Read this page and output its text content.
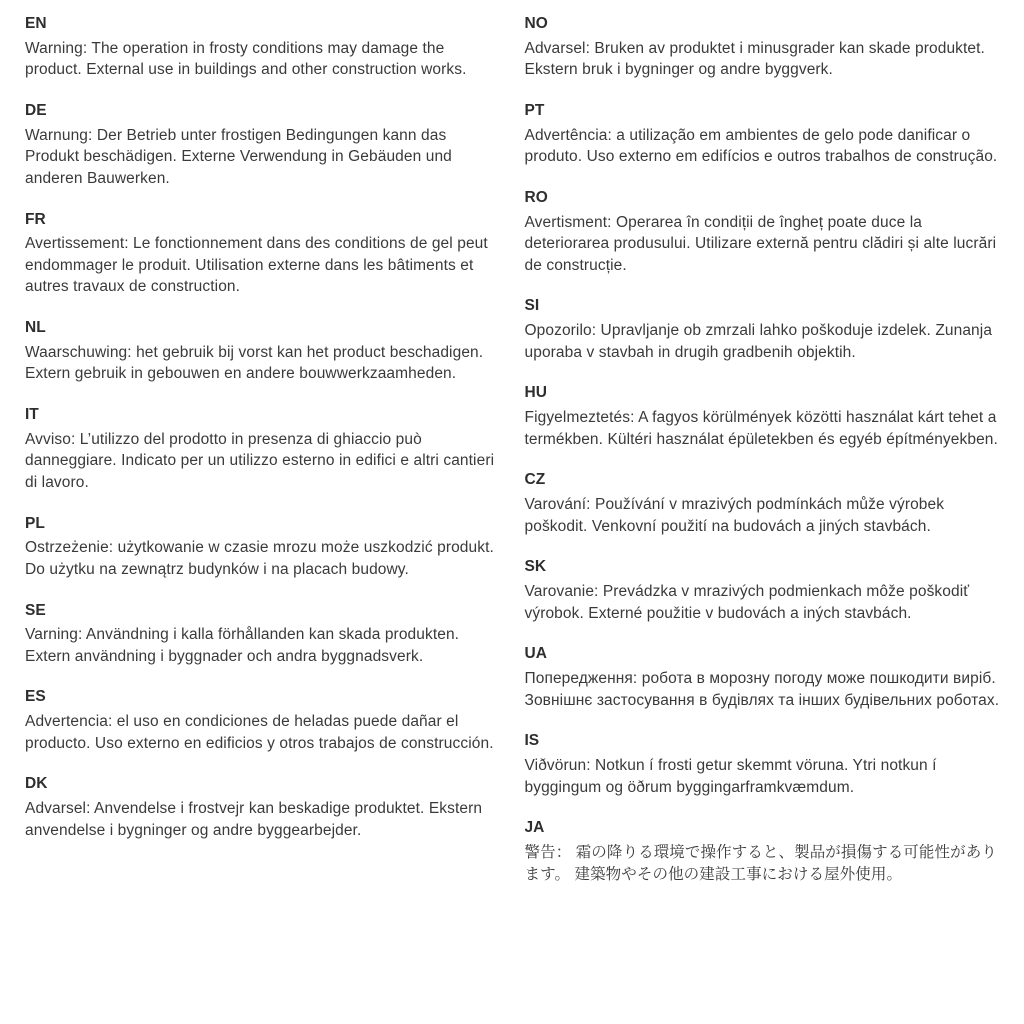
EN

Warning: The operation in frosty conditions may damage the product. External use in buildings and other construction works.

DE

Warnung: Der Betrieb unter frostigen Bedingungen kann das Produkt beschädigen. Externe Verwendung in Gebäuden und anderen Bauwerken.

FR

Avertissement: Le fonctionnement dans des conditions de gel peut endommager le produit. Utilisation externe dans les bâtiments et autres travaux de construction.

NL

Waarschuwing: het gebruik bij vorst kan het product beschadigen. Extern gebruik in gebouwen en andere bouwwerkzaamheden.

IT

Avviso: L’utilizzo del prodotto in presenza di ghiaccio può danneggiare. Indicato per un utilizzo esterno in edifici e altri cantieri di lavoro.

PL

Ostrzeżenie: użytkowanie w czasie mrozu może uszkodzić produkt. Do użytku na zewnątrz budynków i na placach budowy.

SE

Varning: Användning i kalla förhållanden kan skada produkten. Extern användning i byggnader och andra byggnadsverk.

ES

Advertencia: el uso en condiciones de heladas puede dañar el producto. Uso externo en edificios y otros trabajos de construcción.

DK

Advarsel: Anvendelse i frostvejr kan beskadige produktet. Ekstern anvendelse i bygninger og andre byggearbejder.

NO

Advarsel: Bruken av produktet i minusgrader kan skade produktet. Ekstern bruk i bygninger og andre byggverk.

PT

Advertência: a utilização em ambientes de gelo pode danificar o produto. Uso externo em edifícios e outros trabalhos de construção.

RO

Avertisment: Operarea în condiții de îngheț poate duce la deteriorarea produsului. Utilizare externă pentru clădiri și alte lucrări de construcție.

SI

Opozorilo: Upravljanje ob zmrzali lahko poškoduje izdelek. Zunanja uporaba v stavbah in drugih gradbenih objektih.

HU

Figyelmeztetés: A fagyos körülmények közötti használat kárt tehet a termékben. Kültéri használat épületekben és egyéb építményekben.

CZ

Varování: Používání v mrazivých podmínkách může výrobek poškodit. Venkovní použití na budovách a jiných stavbách.

SK

Varovanie: Prevádzka v mrazivých podmienkach môže poškodiť výrobok. Externé použitie v budovách a iných stavbách.

UA

Попередження: робота в морозну погоду може пошкодити виріб. Зовнішнє застосування в будівлях та інших будівельних роботах.

IS

Viðvörun: Notkun í frosti getur skemmt vöruna. Ytri notkun í byggingum og öðrum byggingarframkvæmdum.

JA

警告： 霜の降りる環境で操作すると、製品が損傷する可能性があります。 建築物やその他の建設工事における屋外使用。
